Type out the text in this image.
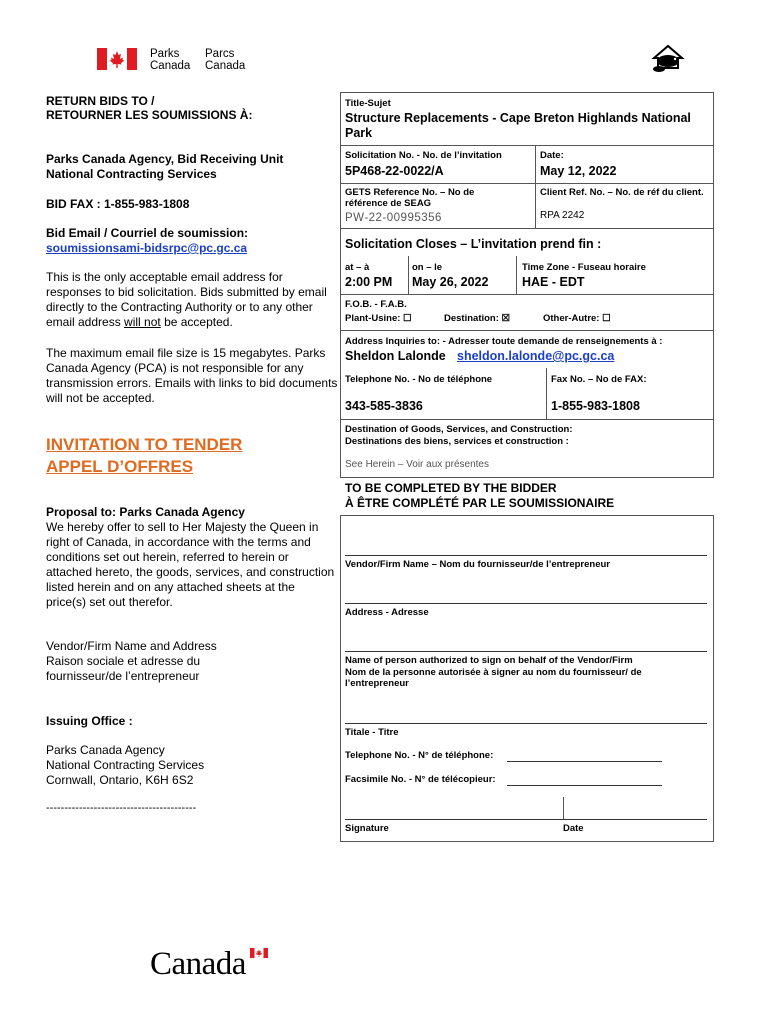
Parks
Canada
Parcs
Canada
RETURN BIDS TO /
RETOURNER LES SOUMISSIONS À:
Parks Canada Agency, Bid Receiving Unit
National Contracting Services
BID FAX : 1-855-983-1808
Bid Email / Courriel de soumission:
soumissionsami-bidsrpc@pc.gc.ca
This is the only acceptable email address for responses to bid solicitation. Bids submitted by email directly to the Contracting Authority or to any other email address will not be accepted.
The maximum email file size is 15 megabytes. Parks Canada Agency (PCA) is not responsible for any transmission errors. Emails with links to bid documents will not be accepted.
INVITATION TO TENDER
APPEL D’OFFRES
Proposal to: Parks Canada Agency
We hereby offer to sell to Her Majesty the Queen in right of Canada, in accordance with the terms and conditions set out herein, referred to herein or attached hereto, the goods, services, and construction listed herein and on any attached sheets at the price(s) set out therefor.
Vendor/Firm Name and Address
Raison sociale et adresse du
fournisseur/de l’entrepreneur
Issuing Office :
Parks Canada Agency
National Contracting Services
Cornwall, Ontario, K6H 6S2
-----------------------------------------
Title-Sujet
Structure Replacements - Cape Breton Highlands National Park
Solicitation No. - No. de l’invitation
5P468-22-0022/A
Date:
May 12, 2022
GETS Reference No. – No de référence de SEAG
PW-22-00995356
Client Ref. No. – No. de réf du client.
RPA 2242
Solicitation Closes – L’invitation prend fin :
at – à
2:00 PM
on – le
May 26, 2022
Time Zone - Fuseau horaire
HAE - EDT
F.O.B. - F.A.B.
Plant-Usine: ☐	Destination: ☒	Other-Autre: ☐
Address Inquiries to: - Adresser toute demande de renseignements à :
Sheldon Lalonde sheldon.lalonde@pc.gc.ca
Telephone No. - No de téléphone
343-585-3836
Fax No. – No de FAX:
1-855-983-1808
Destination of Goods, Services, and Construction:
Destinations des biens, services et construction :
See Herein – Voir aux présentes
TO BE COMPLETED BY THE BIDDER
À ÊTRE COMPLÉTÉ PAR LE SOUMISSIONAIRE
Vendor/Firm Name – Nom du fournisseur/de l’entrepreneur
Address - Adresse
Name of person authorized to sign on behalf of the Vendor/Firm
Nom de la personne autorisée à signer au nom du fournisseur/ de l’entrepreneur
Titale - Titre
Telephone No. - N° de téléphone:
Facsimile No. - N° de télécopieur:
Signature	Date
Canada
